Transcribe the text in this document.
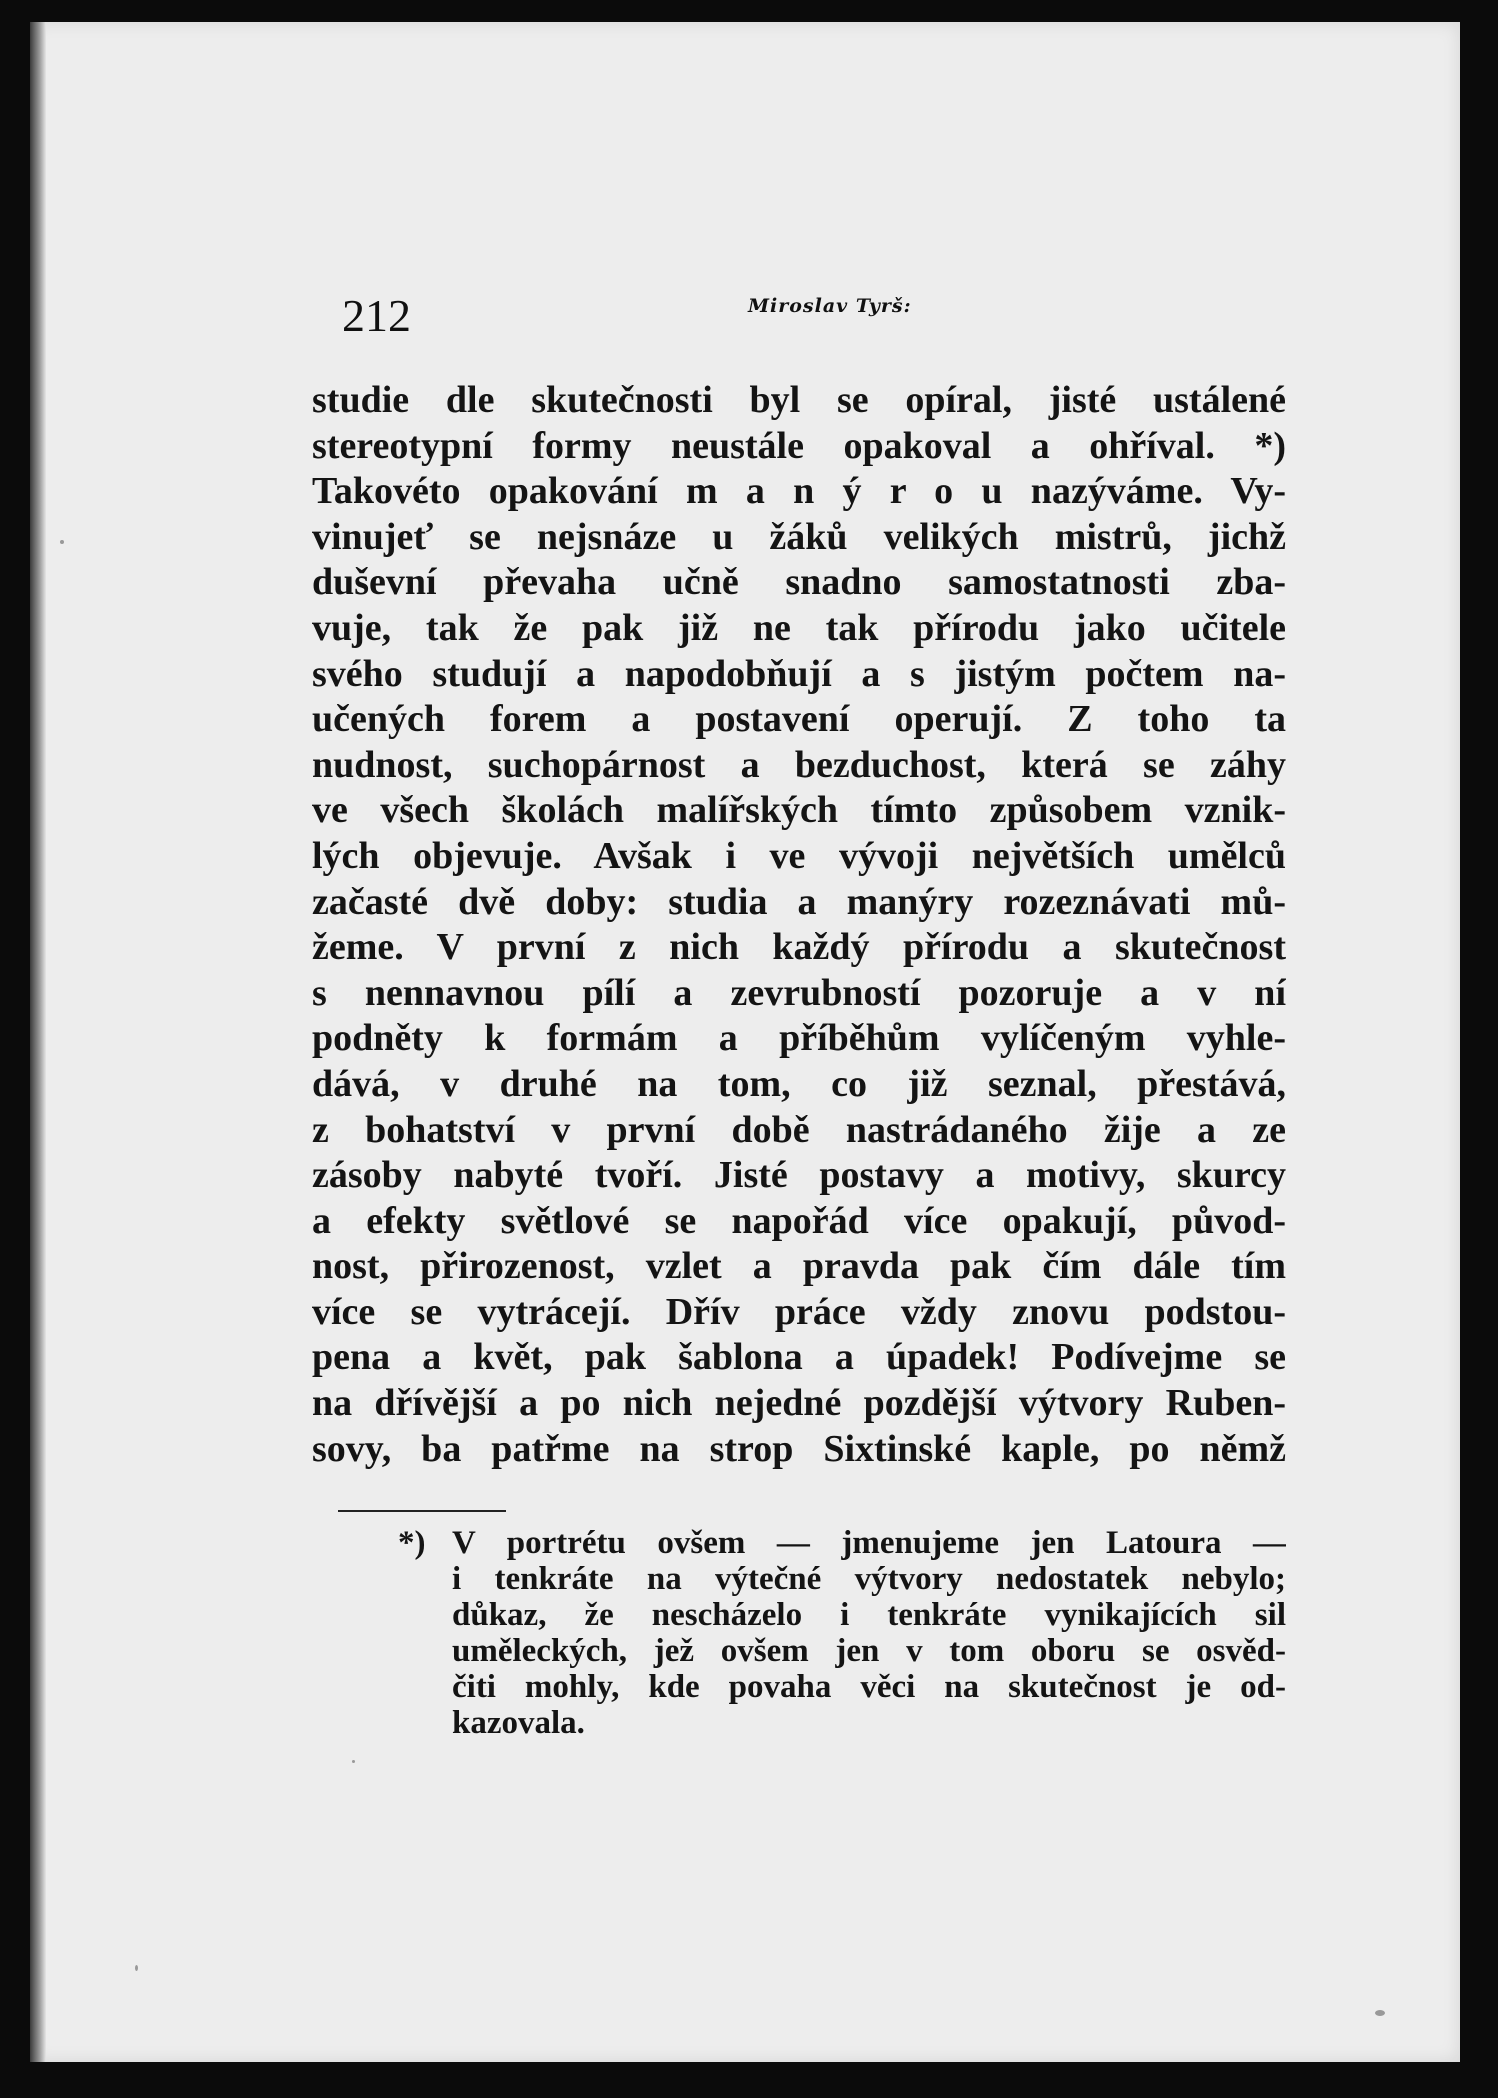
212	Miroslav Tyrš:
studie dle skutečnosti byl se opíral, jisté ustálené
stereotypní formy neustále opakoval a ohříval. *)
Takovéto opakování m a n ý r o u nazýváme. Vy-
vinujeť se nejsnáze u žáků velikých mistrů, jichž
duševní převaha učně snadno samostatnosti zba-
vuje, tak že pak již ne tak přírodu jako učitele
svého studují a napodobňují a s jistým počtem na-
učených forem a postavení operují. Z toho ta
nudnost, suchopárnost a bezduchost, která se záhy
ve všech školách malířských tímto způsobem vznik-
lých objevuje. Avšak i ve vývoji největších umělců
začasté dvě doby: studia a manýry rozeznávati mů-
žeme. V první z nich každý přírodu a skutečnost
s nennavnou pílí a zevrubností pozoruje a v ní
podněty k formám a příběhům vylíčeným vyhle-
dává, v druhé na tom, co již seznal, přestává,
z bohatství v první době nastrádaného žije a ze
zásoby nabyté tvoří. Jisté postavy a motivy, skurcy
a efekty světlové se napořád více opakují, původ-
nost, přirozenost, vzlet a pravda pak čím dále tím
více se vytrácejí. Dřív práce vždy znovu podstou-
pena a květ, pak šablona a úpadek! Podívejme se
na dřívější a po nich nejedné pozdější výtvory Ruben-
sovy, ba patřme na strop Sixtinské kaple, po němž
*) V portrétu ovšem — jmenujeme jen Latoura —
i tenkráte na výtečné výtvory nedostatek nebylo;
důkaz, že nescházelo i tenkráte vynikajících sil
uměleckých, jež ovšem jen v tom oboru se osvěd-
čiti mohly, kde povaha věci na skutečnost je od-
kazovala.
